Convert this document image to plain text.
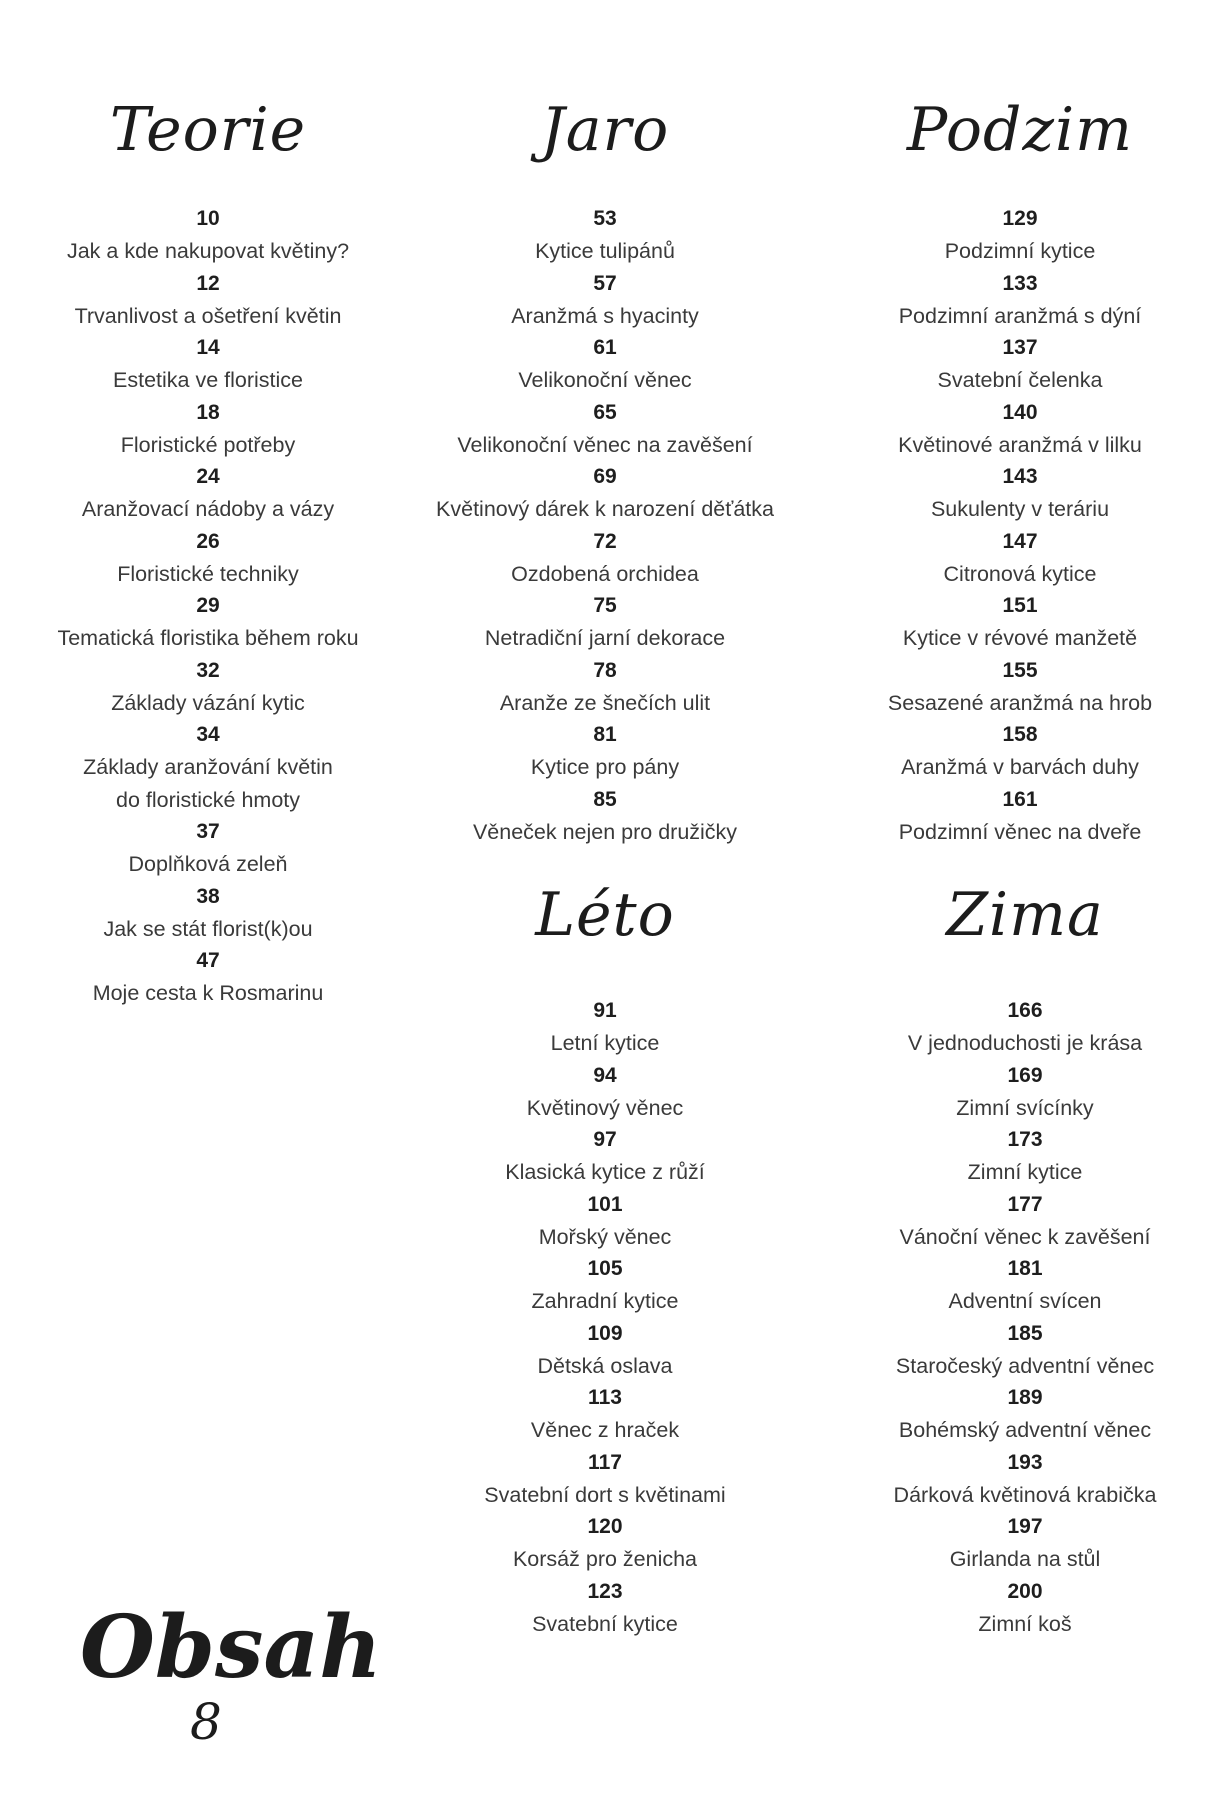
Teorie
10
Jak a kde nakupovat květiny?
12
Trvanlivost a ošetření květin
14
Estetika ve floristice
18
Floristické potřeby
24
Aranžovací nádoby a vázy
26
Floristické techniky
29
Tematická floristika během roku
32
Základy vázání kytic
34
Základy aranžování květin
do floristické hmoty
37
Doplňková zeleň
38
Jak se stát florist(k)ou
47
Moje cesta k Rosmarinu
Jaro
53
Kytice tulipánů
57
Aranžmá s hyacinty
61
Velikonoční věnec
65
Velikonoční věnec na zavěšení
69
Květinový dárek k narození děťátka
72
Ozdobená orchidea
75
Netradiční jarní dekorace
78
Aranže ze šnečích ulit
81
Kytice pro pány
85
Věneček nejen pro družičky
Podzim
129
Podzimní kytice
133
Podzimní aranžmá s dýní
137
Svatební čelenka
140
Květinové aranžmá v lilku
143
Sukulenty v teráriu
147
Citronová kytice
151
Kytice v révové manžetě
155
Sesazené aranžmá na hrob
158
Aranžmá v barvách duhy
161
Podzimní věnec na dveře
Léto
91
Letní kytice
94
Květinový věnec
97
Klasická kytice z růží
101
Mořský věnec
105
Zahradní kytice
109
Dětská oslava
113
Věnec z hraček
117
Svatební dort s květinami
120
Korsáž pro ženicha
123
Svatební kytice
Zima
166
V jednoduchosti je krása
169
Zimní svícínky
173
Zimní kytice
177
Vánoční věnec k zavěšení
181
Adventní svícen
185
Staročeský adventní věnec
189
Bohémský adventní věnec
193
Dárková květinová krabička
197
Girlanda na stůl
200
Zimní koš
Obsah
8
